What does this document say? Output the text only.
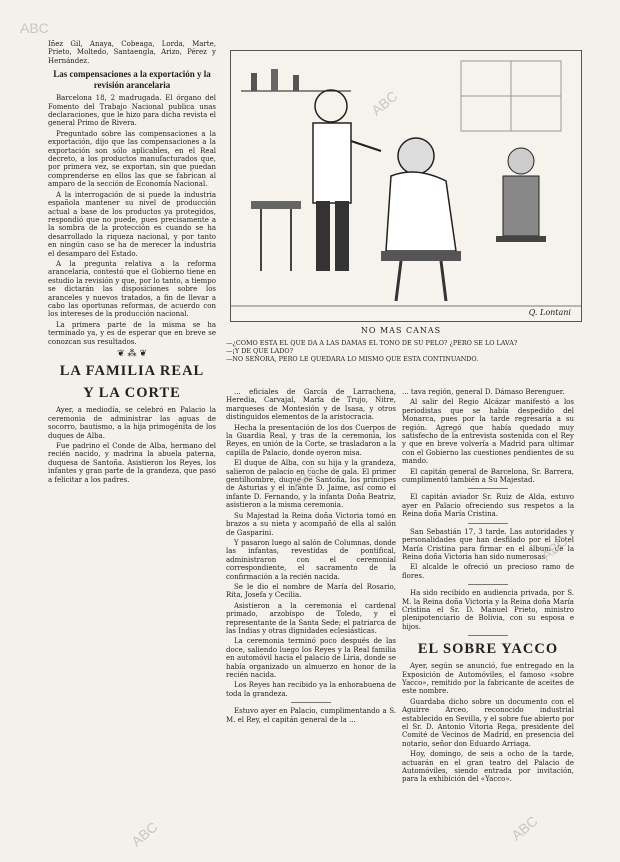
Iñez Gil, Anaya, Cobeaga, Lorda, Marte, Prieto, Moltedo, Santaengla, Arizo, Pérez y Hernández.

Las compensaciones a la exportación y la revisión arancelaria

Barcelona 18, 2 madrugada. El órgano del Fomento del Trabajo Nacional publica unas declaraciones, que le hizo para dicha revista el general Primo de Rivera.

Preguntado sobre las compensaciones a la exportación, dijo que las compensaciones a la exportación son sólo aplicables, en el Real decreto, a los productos manufacturados que, por primera vez, se exportan, sin que puedan comprenderse en ellos las que se fabrican al amparo de la sección de Economía Nacional.

A la interrogación de si puede la industria española mantener su nivel de producción actual a base de los productos ya protegidos, respondió que no puede, pues precisamente a la sombra de la protección es cuando se ha desarrollado la riqueza nacional, y por tanto en ningún caso se ha de merecer la industria el desamparo del Estado.

A la pregunta relativa a la reforma arancelaria, contestó que el Gobierno tiene en estudio la revisión y que, por lo tanto, a tiempo se dictarán las disposiciones sobre los aranceles y nuevos tratados, a fin de llevar a cabo las oportunas reformas, de acuerdo con los intereses de la producción nacional.

La primera parte de la misma se ha terminado ya, y es de esperar que en breve se conozcan sus resultados.

❦ ⁂ ❦
LA FAMILIA REAL
Y LA CORTE

Ayer, a mediodía, se celebró en Palacio la ceremonia de administrar las aguas de socorro, bautismo, a la hija primogénita de los duques de Alba.

Fue padrino el Conde de Alba, hermano del recién nacido, y madrina la abuela paterna, duquesa de Santoña. Asistieron los Reyes, los infantes y gran parte de la grandeza, que pasó a felicitar a los padres.

Q. Lontani
NO MAS CANAS

—¿COMO ESTA EL QUE DA A LAS DAMAS EL TONO DE SU PELO? ¿PERO SE LO LAVA?

—¡Y DE QUE LADO?

—NO SEÑORA, PERO LE QUEDARA LO MISMO QUE ESTA CONTINUANDO.

... eficiales de García de Larrachena, Heredia, Carvajal, María de Trujo, Nitre, marqueses de Montesión y de Isasa, y otros distinguidos elementos de la aristocracia.

Hecha la presentación de los dos Cuerpos de la Guardia Real, y tras de la ceremonia, los Reyes, en unión de la Corte, se trasladaron a la capilla de Palacio, donde oyeron misa.

El duque de Alba, con su hija y la grandeza, salieron de palacio en coche de gala. El primer gentilhombre, duque de Santoña, los príncipes de Asturias y el infante D. Jaime, así como el infante D. Fernando, y la infanta Doña Beatriz, asistieron a la misma ceremonia.

Su Majestad la Reina doña Victoria tomó en brazos a su nieta y acompañó de ella al salón de Gasparini.

Y pasaron luego al salón de Columnas, donde las infantas, revestidas de pontifical, administraron con el ceremonial correspondiente, el sacramento de la confirmación a la recién nacida.

Se le dio el nombre de María del Rosario, Rita, Josefa y Cecilia.

Asistieron a la ceremonia el cardenal primado, arzobispo de Toledo, y el representante de la Santa Sede; el patriarca de las Indias y otras dignidades eclesiásticas.

La ceremonia terminó poco después de las doce, saliendo luego los Reyes y la Real familia en automóvil hacia el palacio de Liria, donde se había organizado un almuerzo en honor de la recién nacida.

Los Reyes han recibido ya la enhorabuena de toda la grandeza.

Estuvo ayer en Palacio, cumplimentando a S. M. el Rey, el capitán general de la ...

... tava región, general D. Dámaso Berenguer.

Al salir del Regio Alcázar manifestó a los periodistas que se había despedido del Monarca, pues por la tarde regresaría a su región. Agregó que había quedado muy satisfecho de la entrevista sostenida con el Rey y que en breve volvería a Madrid para ultimar con el Gobierno las cuestiones pendientes de su mando.

El capitán general de Barcelona, Sr. Barrera, cumplimentó también a Su Majestad.

El capitán aviador Sr. Ruiz de Alda, estuvo ayer en Palacio ofreciendo sus respetos a la Reina doña María Cristina.

San Sebastián 17, 3 tarde. Las autoridades y personalidades que han desfilado por el Hotel María Cristina para firmar en el álbum de la Reina doña Victoria han sido numerosas.

El alcalde le ofreció un precioso ramo de flores.

Ha sido recibido en audiencia privada, por S. M. la Reina doña Victoria y la Reina doña María Cristina el Sr. D. Manuel Prieto, ministro plenipotenciario de Bolivia, con su esposa e hijos.

EL SOBRE YACCO

Ayer, según se anunció, fue entregado en la Exposición de Automóviles, el famoso «sobre Yacco», remitido por la fabricante de aceites de este nombre.

Guardaba dicho sobre un documento con el Aguirre Arceo, reconocido industrial establecido en Sevilla, y el sobre fue abierto por el Sr. D. Antonio Vitoria Rega, presidente del Comité de Vecinos de Madrid, en presencia del notario, señor don Eduardo Arriaga.

Hoy, domingo, de seis a ocho de la tarde, actuarán en el gran teatro del Palacio de Automóviles, siendo entrada por invitación, para la exhibición del «Yacco».

ABC
ABC
ABC
ABC
ABC
ABC
